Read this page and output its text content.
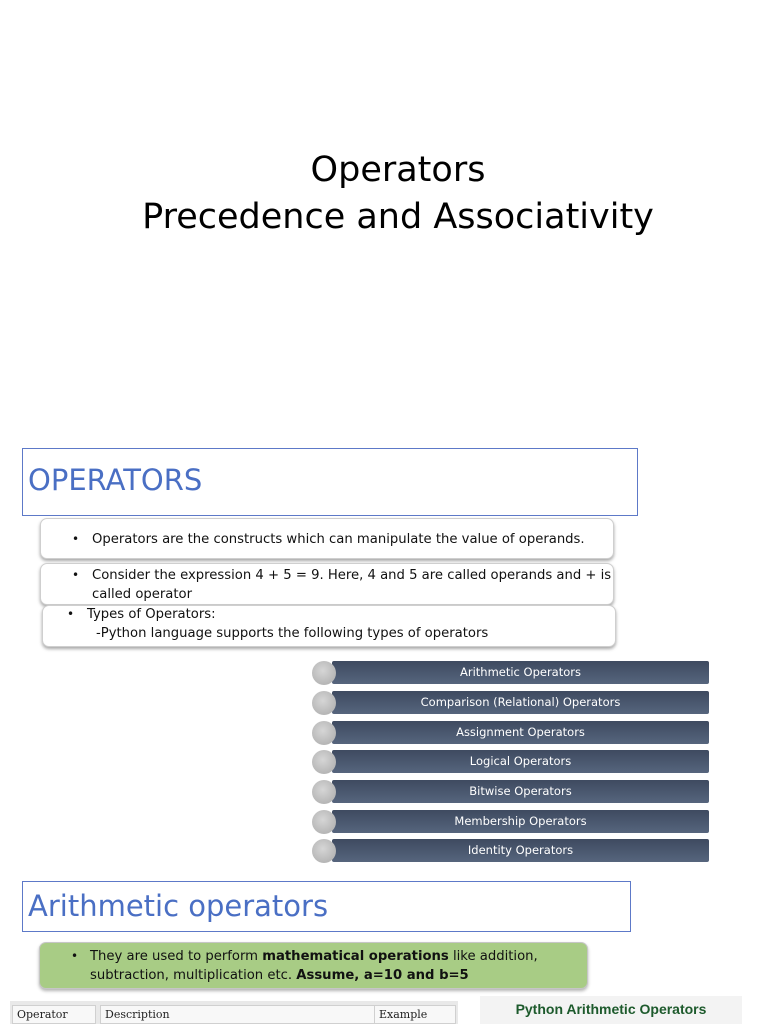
Operators
Precedence and Associativity
OPERATORS
• Operators are the constructs which can manipulate the value of operands.
• Consider the expression 4 + 5 = 9. Here, 4 and 5 are called operands and + is
called operator
• Types of Operators:
-Python language supports the following types of operators
Arithmetic Operators
Comparison (Relational) Operators
Assignment Operators
Logical Operators
Bitwise Operators
Membership Operators
Identity Operators
Arithmetic operators
• They are used to perform mathematical operations like addition,
subtraction, multiplication etc. Assume, a=10 and b=5
Operator	Description	Example	Python Arithmetic Operators
